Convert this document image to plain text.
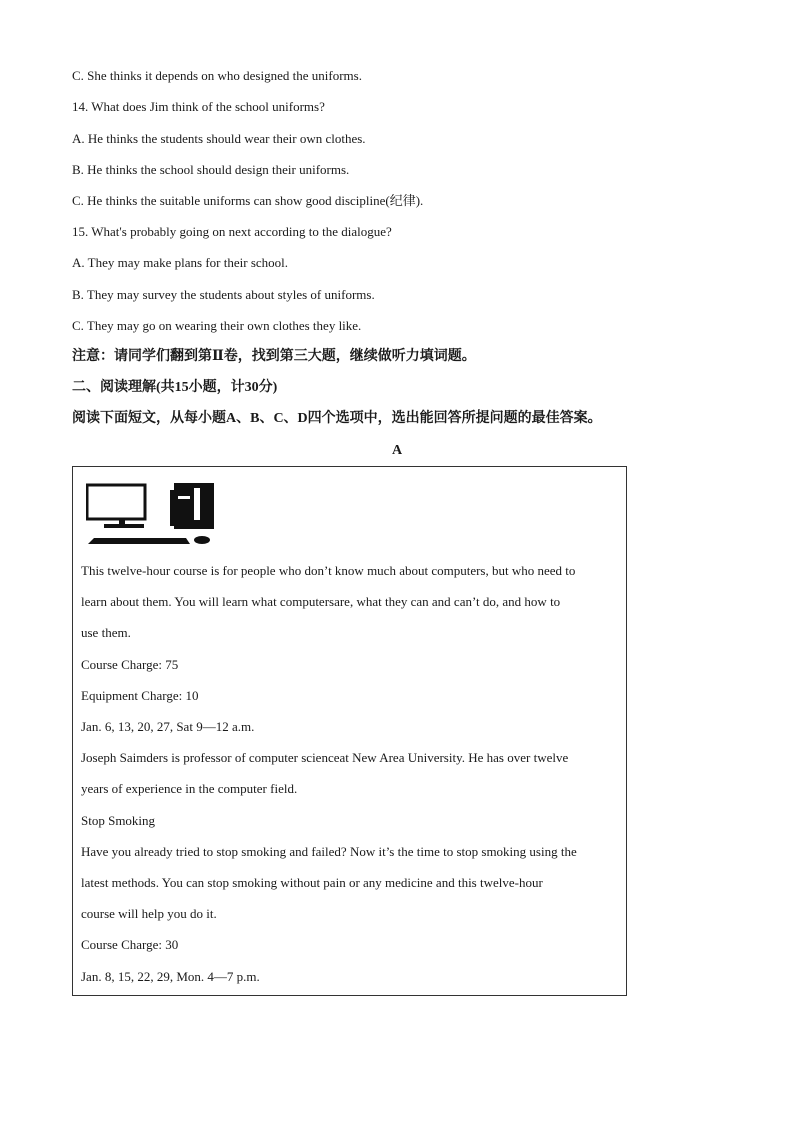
C. She thinks it depends on who designed the uniforms.
14. What does Jim think of the school uniforms?
A. He thinks the students should wear their own clothes.
B. He thinks the school should design their uniforms.
C. He thinks the suitable uniforms can show good discipline(纪律).
15. What's probably going on next according to the dialogue?
A. They may make plans for their school.
B. They may survey the students about styles of uniforms.
C. They may go on wearing their own clothes they like.
注意：请同学们翻到第Ⅱ卷，找到第三大题，继续做听力填词题。
二、阅读理解(共15小题，计30分)
阅读下面短文，从每小题A、B、C、D四个选项中，选出能回答所提问题的最佳答案。
A
This twelve-hour course is for people who don’t know much about computers, but who need to
learn about them. You will learn what computersare, what they can and can’t do, and how to
use them.
Course Charge: 75
Equipment Charge: 10
Jan. 6, 13, 20, 27, Sat 9—12 a.m.
Joseph Saimders is professor of computer scienceat New Area University. He has over twelve
years of experience in the computer field.
Stop Smoking
Have you already tried to stop smoking and failed? Now it’s the time to stop smoking using the
latest methods. You can stop smoking without pain or any medicine and this twelve-hour
course will help you do it.
Course Charge: 30
Jan. 8, 15, 22, 29, Mon. 4—7 p.m.
